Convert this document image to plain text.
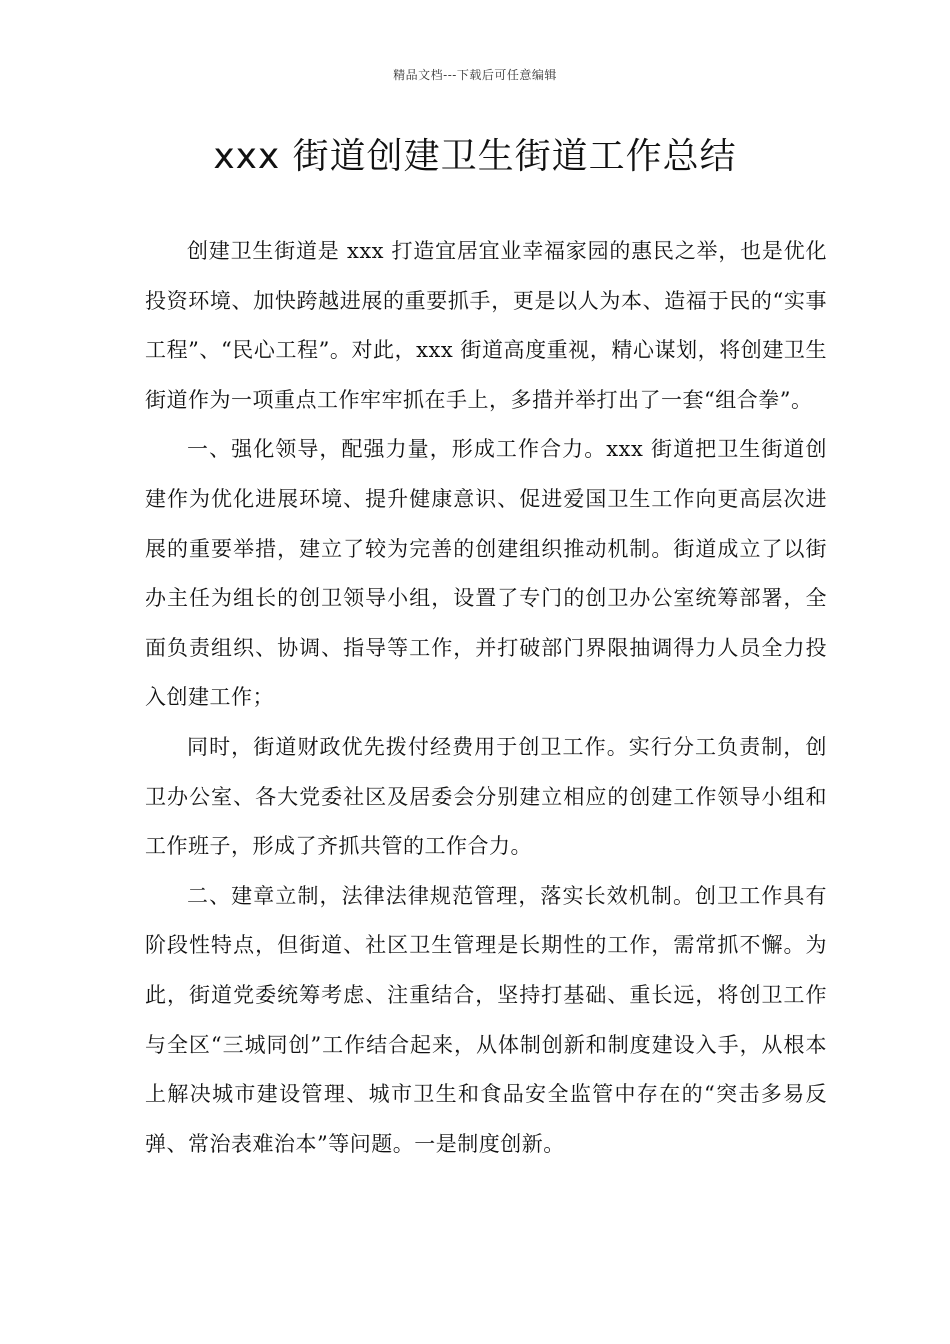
精品文档---下载后可任意编辑
xxx 街道创建卫生街道工作总结

创建卫生街道是 xxx 打造宜居宜业幸福家园的惠民之举，也是优化投资环境、加快跨越进展的重要抓手，更是以人为本、造福于民的“实事工程”、“民心工程”。对此，xxx 街道高度重视，精心谋划，将创建卫生街道作为一项重点工作牢牢抓在手上，多措并举打出了一套“组合拳”。

一、强化领导，配强力量，形成工作合力。xxx 街道把卫生街道创建作为优化进展环境、提升健康意识、促进爱国卫生工作向更高层次进展的重要举措，建立了较为完善的创建组织推动机制。街道成立了以街办主任为组长的创卫领导小组，设置了专门的创卫办公室统筹部署，全面负责组织、协调、指导等工作，并打破部门界限抽调得力人员全力投入创建工作；

同时，街道财政优先拨付经费用于创卫工作。实行分工负责制，创卫办公室、各大党委社区及居委会分别建立相应的创建工作领导小组和工作班子，形成了齐抓共管的工作合力。

二、建章立制，法律法律规范管理，落实长效机制。创卫工作具有阶段性特点，但街道、社区卫生管理是长期性的工作，需常抓不懈。为此，街道党委统筹考虑、注重结合，坚持打基础、重长远，将创卫工作与全区“三城同创”工作结合起来，从体制创新和制度建设入手，从根本上解决城市建设管理、城市卫生和食品安全监管中存在的“突击多易反弹、常治表难治本”等问题。一是制度创新。
